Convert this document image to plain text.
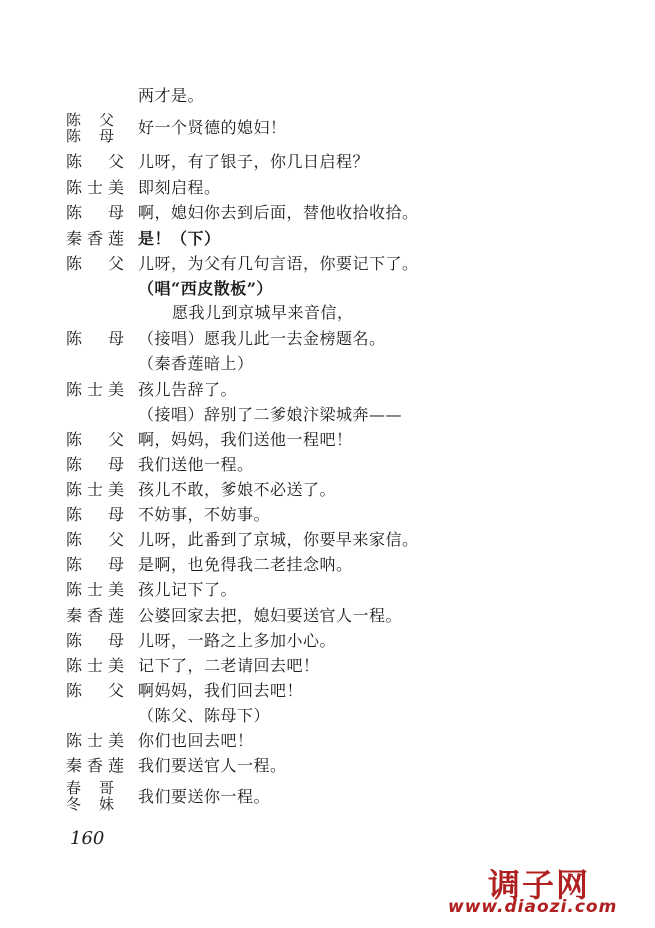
两才是。
陈 父
陈 母 好一个贤德的媳妇！
陈 父 儿呀，有了银子，你几日启程？
陈 士 美 即刻启程。
陈 母 啊，媳妇你去到后面，替他收拾收拾。
秦 香 莲 是！（下）
陈 父 儿呀，为父有几句言语，你要记下了。
（唱“西皮散板”）
愿我儿到京城早来音信，
陈 母 （接唱）愿我儿此一去金榜题名。
（秦香莲暗上）
陈 士 美 孩儿告辞了。
（接唱）辞别了二爹娘汴梁城奔——
陈 父 啊，妈妈，我们送他一程吧！
陈 母 我们送他一程。
陈 士 美 孩儿不敢，爹娘不必送了。
陈 母 不妨事，不妨事。
陈 父 儿呀，此番到了京城，你要早来家信。
陈 母 是啊，也免得我二老挂念呐。
陈 士 美 孩儿记下了。
秦 香 莲 公婆回家去把，媳妇要送官人一程。
陈 母 儿呀，一路之上多加小心。
陈 士 美 记下了，二老请回去吧！
陈 父 啊妈妈，我们回去吧！
（陈父、陈母下）
陈 士 美 你们也回去吧！
秦 香 莲 我们要送官人一程。
春 哥
冬 妹 我们要送你一程。
160
调子网
www.diaozi.com
